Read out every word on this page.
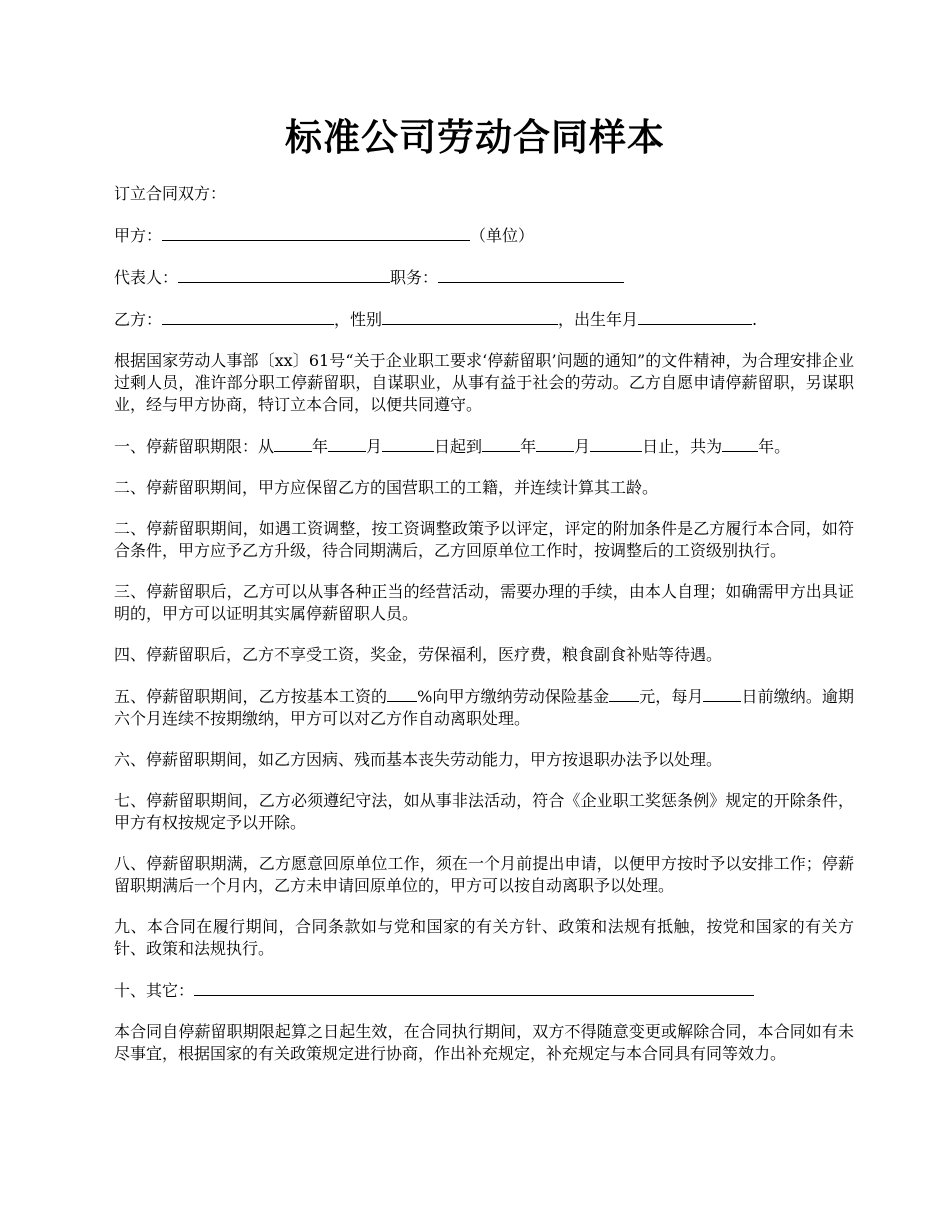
标准公司劳动合同样本

订立合同双方：

甲方：	（单位）

代表人：	职务：

乙方：	，性别	，出生年月	.

根据国家劳动人事部〔xx〕61号“关于企业职工要求‘停薪留职’问题的通知”的文件精神，为合理安排企业过剩人员，准许部分职工停薪留职，自谋职业，从事有益于社会的劳动。乙方自愿申请停薪留职，另谋职业，经与甲方协商，特订立本合同，以便共同遵守。

一、停薪留职期限：从 年 月	日起到 年 月	日止，共为 年。

二、停薪留职期间，甲方应保留乙方的国营职工的工籍，并连续计算其工龄。

二、停薪留职期间，如遇工资调整，按工资调整政策予以评定，评定的附加条件是乙方履行本合同，如符合条件，甲方应予乙方升级，待合同期满后，乙方回原单位工作时，按调整后的工资级别执行。

三、停薪留职后，乙方可以从事各种正当的经营活动，需要办理的手续，由本人自理；如确需甲方出具证明的，甲方可以证明其实属停薪留职人员。

四、停薪留职后，乙方不享受工资，奖金，劳保福利，医疗费，粮食副食补贴等待遇。

五、停薪留职期间，乙方按基本工资的 %向甲方缴纳劳动保险基金 元，每月 日前缴纳。逾期六个月连续不按期缴纳，甲方可以对乙方作自动离职处理。

六、停薪留职期间，如乙方因病、残而基本丧失劳动能力，甲方按退职办法予以处理。

七、停薪留职期间，乙方必须遵纪守法，如从事非法活动，符合《企业职工奖惩条例》规定的开除条件，甲方有权按规定予以开除。

八、停薪留职期满，乙方愿意回原单位工作，须在一个月前提出申请，以便甲方按时予以安排工作；停薪留职期满后一个月内，乙方未申请回原单位的，甲方可以按自动离职予以处理。

九、本合同在履行期间，合同条款如与党和国家的有关方针、政策和法规有抵触，按党和国家的有关方针、政策和法规执行。

十、其它：

本合同自停薪留职期限起算之日起生效，在合同执行期间，双方不得随意变更或解除合同，本合同如有未尽事宜，根据国家的有关政策规定进行协商，作出补充规定，补充规定与本合同具有同等效力。
